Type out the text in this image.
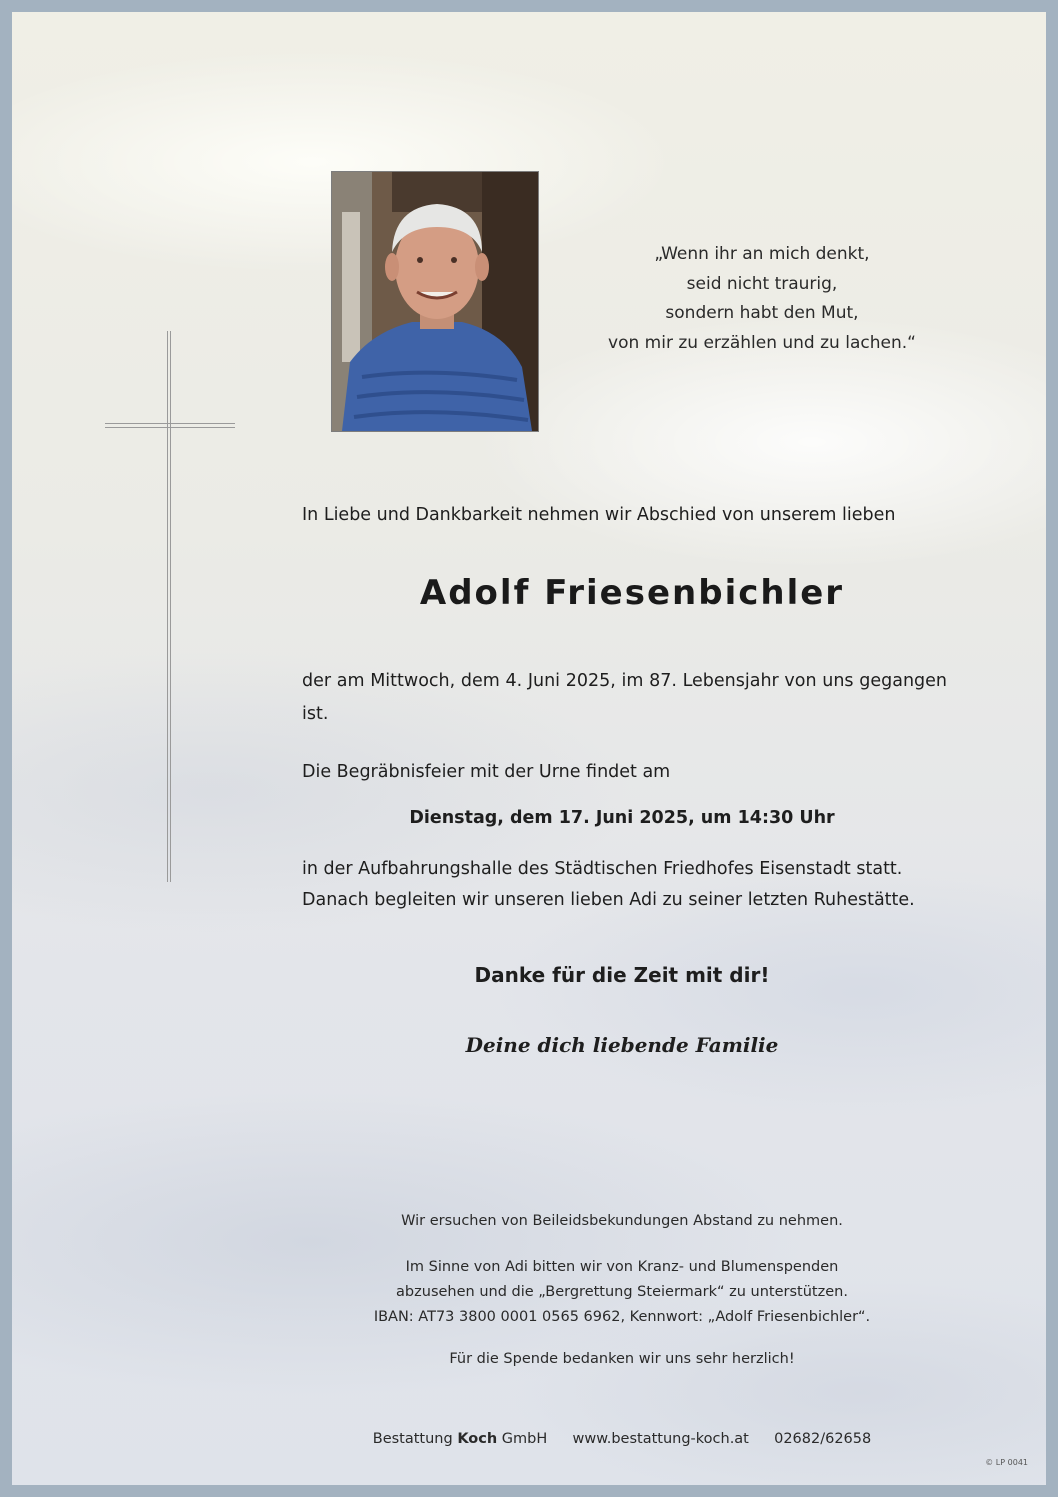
„Wenn ihr an mich denkt,
seid nicht traurig,
sondern habt den Mut,
von mir zu erzählen und zu lachen.“
In Liebe und Dankbarkeit nehmen wir Abschied von unserem lieben
Adolf Friesenbichler
der am Mittwoch, dem 4. Juni 2025, im 87. Lebensjahr von uns gegangen ist.
Die Begräbnisfeier mit der Urne findet am
Dienstag, dem 17. Juni 2025, um 14:30 Uhr
in der Aufbahrungshalle des Städtischen Friedhofes Eisenstadt statt.
Danach begleiten wir unseren lieben Adi zu seiner letzten Ruhestätte.
Danke für die Zeit mit dir!
Deine dich liebende Familie
Wir ersuchen von Beileidsbekundungen Abstand zu nehmen.
Im Sinne von Adi bitten wir von Kranz- und Blumenspenden
abzusehen und die „Bergrettung Steiermark“ zu unterstützen.
IBAN: AT73 3800 0001 0565 6962, Kennwort: „Adolf Friesenbichler“.
Für die Spende bedanken wir uns sehr herzlich!
Bestattung Koch GmbH www.bestattung-koch.at 02682/62658
© LP 0041
